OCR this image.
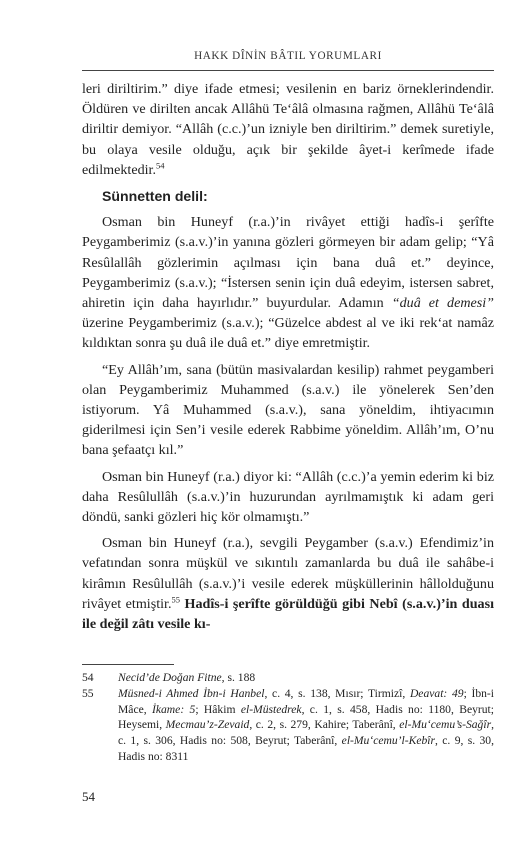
HAKK DÎNİN BÂTIL YORUMLARI

leri diriltirim.” diye ifade etmesi; vesilenin en bariz örneklerindendir. Öldüren ve dirilten ancak Allâhü Te‘âlâ olmasına rağmen, Allâhü Te‘âlâ diriltir demiyor. “Allâh (c.c.)’un izniyle ben diriltirim.” demek suretiyle, bu olaya vesile olduğu, açık bir şekilde âyet-i kerîmede ifade edilmektedir.$^{54}$

Sünnetten delil:

Osman bin Huneyf (r.a.)’in rivâyet ettiği hadîs-i şerîfte Peygamberimiz (s.a.v.)’in yanına gözleri görmeyen bir adam gelip; “Yâ Resûlallâh gözlerimin açılması için bana duâ et.” deyince, Peygamberimiz (s.a.v.); “İstersen senin için duâ edeyim, istersen sabret, ahiretin için daha hayırlıdır.” buyurdular. Adamın “duâ et demesi” üzerine Peygamberimiz (s.a.v.); “Güzelce abdest al ve iki rek‘at namâz kıldıktan sonra şu duâ ile duâ et.” diye emretmiştir.

“Ey Allâh’ım, sana (bütün masivalardan kesilip) rahmet peygamberi olan Peygamberimiz Muhammed (s.a.v.) ile yönelerek Sen’den istiyorum. Yâ Muhammed (s.a.v.), sana yöneldim, ihtiyacımın giderilmesi için Sen’i vesile ederek Rabbime yöneldim. Allâh’ım, O’nu bana şefaatçı kıl.”

Osman bin Huneyf (r.a.) diyor ki: “Allâh (c.c.)’a yemin ederim ki biz daha Resûlullâh (s.a.v.)’in huzurundan ayrılmamıştık ki adam geri döndü, sanki gözleri hiç kör olmamıştı.”

Osman bin Huneyf (r.a.), sevgili Peygamber (s.a.v.) Efendimiz’in vefatından sonra müşkül ve sıkıntılı zamanlarda bu duâ ile sahâbe-i kirâmın Resûlullâh (s.a.v.)’i vesile ederek müşküllerinin hâllolduğunu rivâyet etmiştir.$^{55}$ Hadîs-i şerîfte görüldüğü gibi Nebî (s.a.v.)’in duası ile değil zâtı vesile kı-

54	Necid’de Doğan Fitne, s. 188
55	Müsned-i Ahmed İbn-i Hanbel, c. 4, s. 138, Mısır; Tirmizî, Deavat: 49; İbn-i Mâce, İkame: 5; Hâkim el-Müstedrek, c. 1, s. 458, Hadis no: 1180, Beyrut; Heysemi, Mecmau’z-Zevaid, c. 2, s. 279, Kahire; Taberânî, el-Mu‘cemu’s-Sağîr, c. 1, s. 306, Hadis no: 508, Beyrut; Taberânî, el-Mu‘cemu’l-Kebîr, c. 9, s. 30, Hadis no: 8311
54
